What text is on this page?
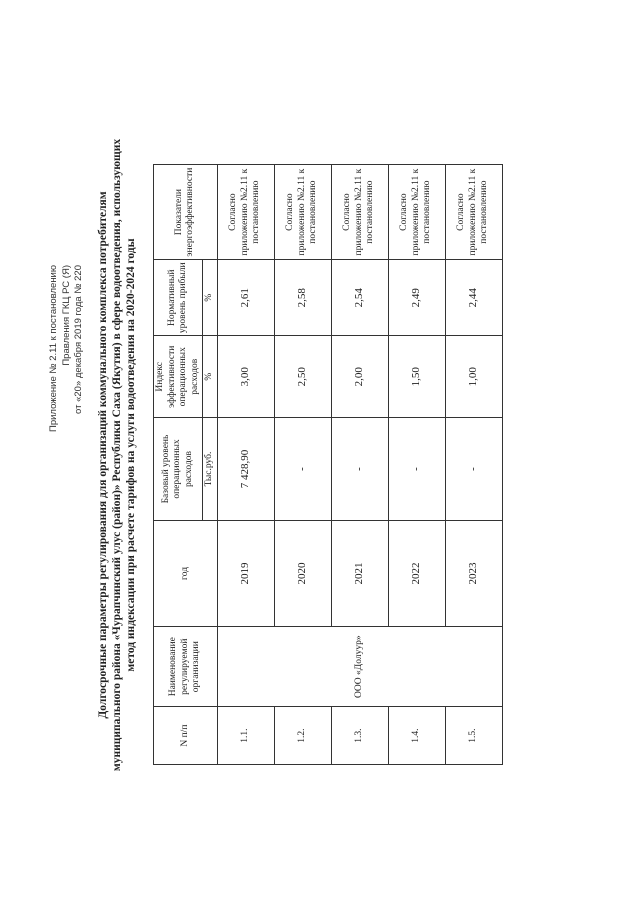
Приложение № 2.11 к постановлению Правления ГКЦ РС (Я) от «20» декабря 2019 года № 220 Долгосрочные параметры регулирования для организаций коммунального комплекса потребителям муниципального района «Чурапчинский улус (район)» Республики Саха (Якутия) в сфере водоотведения, использующих метод индексации при расчете тарифов на услуги водоотведения на 2020-2024 годы
N п/п	Наименование регулируемой организации	год	Базовый уровень операционных расходов	Индекс эффективности операционных расходов	Нормативный уровень прибыли	Показатели энергоэффективности
			Тыс.руб.	%	%	
1.1.	ООО «Долуур»	2019	7 428,90	3,00	2,61	Согласно приложению №2.11 к постановлению
1.2.		2020	-	2,50	2,58	Согласно приложению №2.11 к постановлению
1.3.		2021	-	2,00	2,54	Согласно приложению №2.11 к постановлению
1.4.		2022	-	1,50	2,49	Согласно приложению №2.11 к постановлению
1.5.		2023	-	1,00	2,44	Согласно приложению №2.11 к постановлению
